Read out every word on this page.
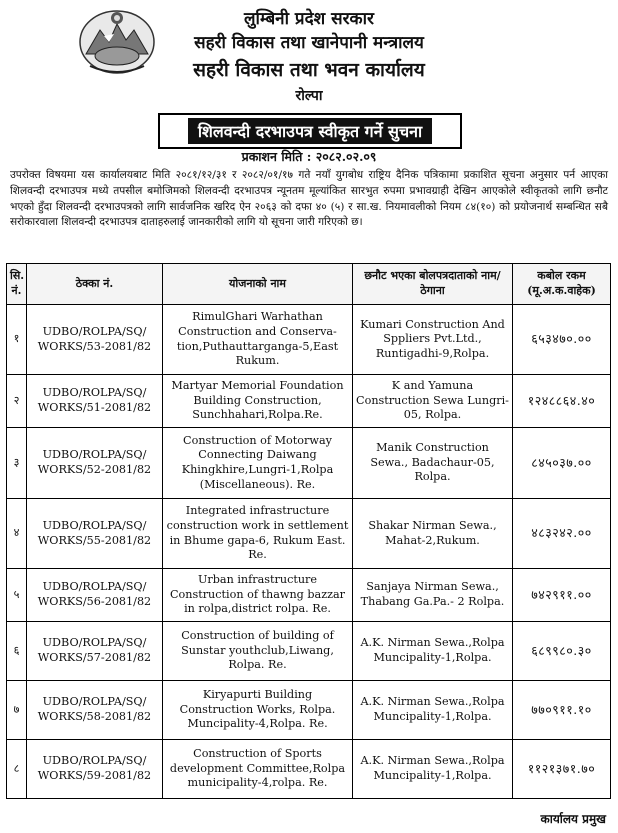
लुम्बिनी प्रदेश सरकार
सहरी विकास तथा खानेपानी मन्त्रालय
सहरी विकास तथा भवन कार्यालय
रोल्पा
शिलवन्दी दरभाउपत्र स्वीकृत गर्ने सुचना
प्रकाशन मिति : २०८२.०२.०९
उपरोक्त विषयमा यस कार्यालयबाट मिति २०८१/१२/३१ र २०८२/०१/१७ गते नयाँ युगबोध राष्ट्रिय दैनिक पत्रिकामा प्रकाशित सूचना अनुसार पर्न आएका शिलवन्दी दरभाउपत्र मध्ये तपसील बमोजिमको शिलवन्दी दरभाउपत्र न्यूनतम मूल्यांकित सारभुत रुपमा प्रभावग्राही देखिन आएकोले स्वीकृतको लागि छनौट भएको हुँदा शिलवन्दी दरभाउपत्रको लागि सार्वजनिक खरिद ऐन २०६३ को दफा ४० (५) र सा.ख. नियमावलीको नियम ८४(१०) को प्रयोजनार्थ सम्बन्धित सबै सरोकारवाला शिलवन्दी दरभाउपत्र दाताहरुलाई जानकारीको लागि यो सूचना जारी गरिएको छ।
सि. नं.	ठेक्का नं.	योजनाको नाम	छनौट भएका बोलपत्रदाताको नाम/ठेगाना	कबोल रकम (मू.अ.क.वाहेक)
१	UDBO/ROLPA/SQ/ WORKS/53-2081/82	RimulGhari Warhathan Construction and Conserva- tion,Puthauttarganga-5,East Rukum.	Kumari Construction And Sppliers Pvt.Ltd., Runtigadhi-9,Rolpa.	६५३४७०.००
२	UDBO/ROLPA/SQ/ WORKS/51-2081/82	Martyar Memorial Foundation Building Construction, Sunchhahari,Rolpa.Re.	K and Yamuna Construction Sewa Lungri-05, Rolpa.	१२४८८६४.४०
३	UDBO/ROLPA/SQ/ WORKS/52-2081/82	Construction of Motorway Connecting Daiwang Khingkhire,Lungri-1,Rolpa (Miscellaneous). Re.	Manik Construction Sewa., Badachaur-05, Rolpa.	८४५०३७.००
४	UDBO/ROLPA/SQ/ WORKS/55-2081/82	Integrated infrastructure construction work in settlement in Bhume gapa-6, Rukum East. Re.	Shakar Nirman Sewa., Mahat-2,Rukum.	४८३२४२.००
५	UDBO/ROLPA/SQ/ WORKS/56-2081/82	Urban infrastructure Construction of thawng bazzar in rolpa,district rolpa. Re.	Sanjaya Nirman Sewa., Thabang Ga.Pa.- 2 Rolpa.	७४२९११.००
६	UDBO/ROLPA/SQ/ WORKS/57-2081/82	Construction of building of Sunstar youthclub,Liwang, Rolpa. Re.	A.K. Nirman Sewa.,Rolpa Muncipality-1,Rolpa.	६८९९८०.३०
७	UDBO/ROLPA/SQ/ WORKS/58-2081/82	Kiryapurti Building Construction Works, Rolpa. Muncipality-4,Rolpa. Re.	A.K. Nirman Sewa.,Rolpa Muncipality-1,Rolpa.	७७०९११.१०
८	UDBO/ROLPA/SQ/ WORKS/59-2081/82	Construction of Sports development Committee,Rolpa municipality-4,rolpa. Re.	A.K. Nirman Sewa.,Rolpa Muncipality-1,Rolpa.	११२१३७१.७०
कार्यालय प्रमुख
